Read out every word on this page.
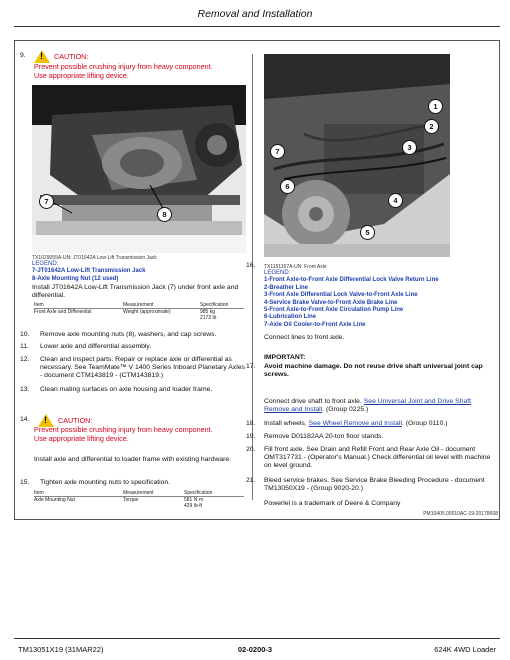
Removal and Installation
9. ! CAUTION:
Prevent possible crushing injury from heavy component.
Use appropriate lifting device.
7
8
TX1029055A-UN: JT01642A Low-Lift Transmission Jack
LEGEND:
7-JT01642A Low-Lift Transmission Jack
8-Axle Mounting Nut (12 used)
Install JT01642A Low-Lift Transmission Jack (7) under front axle and differential.
Item	Measurement	Specification
Front Axle and Differential	Weight (approximate)	985 kg
2172 lb
10. Remove axle mounting nuts (8), washers, and cap screws.
11. Lower axle and differential assembly.
12. Clean and inspect parts. Repair or replace axle or differential as necessary. See TeamMate™ V 1400 Series Inboard Planetary Axles - document CTM143819 - (CTM143819.)
13. Clean mating surfaces on axle housing and loader frame.
14. ! CAUTION:
Prevent possible crushing injury from heavy component.
Use appropriate lifting device.
Install axle and differential to loader frame with existing hardware.
15. Tighten axle mounting nuts to specification.
Item	Measurement	Specification
Axle Mounting Nut	Torque	581 N·m
429 lb-ft
1
2
3
4
5
6
7
16. TX1151167A-UN: Front Axle
LEGEND:
1-Front Axle-to-Front Axle Differential Lock Valve Return Line
2-Breather Line
3-Front Axle Differential Lock Valve-to-Front Axle Line
4-Service Brake Valve-to-Front Axle Brake Line
5-Front Axle-to-Front Axle Circulation Pump Line
6-Lubrication Line
7-Axle Oil Cooler-to-Front Axle Line
Connect lines to front axle.
IMPORTANT:
17. Avoid machine damage. Do not reuse drive shaft universal joint cap screws.
Connect drive shaft to front axle. See Universal Joint and Drive Shaft Remove and Install. (Group 0225.)
18. Install wheels. See Wheel Remove and Install. (Group 0110.)
19. Remove D01182AA 20-ton floor stands.
20. Fill front axle. See Drain and Refill Front and Rear Axle Oil - document OMT317731 - (Operator's Manual.) Check differential oil level with machine on level ground.
21. Bleed service brakes. See Service Brake Bleeding Procedure - document TM13050X19 - (Group 9020-20.)
Powerlel is a trademark of Deere & Company
PM10405,00010AC-19-20178608
TM13051X19 (31MAR22)	02-0200-3	624K 4WD Loader
